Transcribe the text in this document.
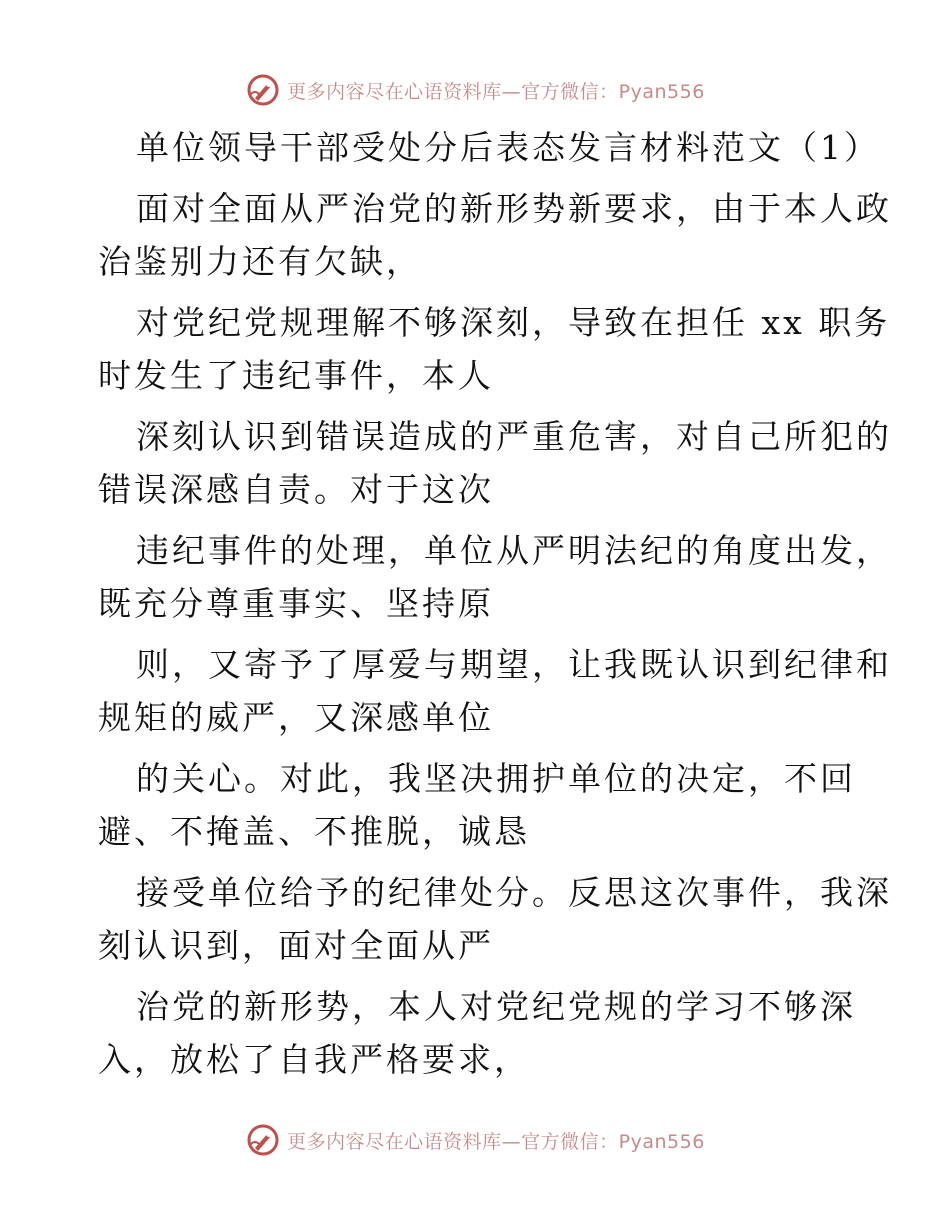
更多内容尽在心语资料库—官方微信：Pyan556
单位领导干部受处分后表态发言材料范文（1）
面对全面从严治党的新形势新要求，由于本人政
治鉴别力还有欠缺，
对党纪党规理解不够深刻，导致在担任 xx 职务
时发生了违纪事件，本人
深刻认识到错误造成的严重危害，对自己所犯的
错误深感自责。对于这次
违纪事件的处理，单位从严明法纪的角度出发，
既充分尊重事实、坚持原
则，又寄予了厚爱与期望，让我既认识到纪律和
规矩的威严，又深感单位
的关心。对此，我坚决拥护单位的决定，不回
避、不掩盖、不推脱，诚恳
接受单位给予的纪律处分。反思这次事件，我深
刻认识到，面对全面从严
治党的新形势，本人对党纪党规的学习不够深
入，放松了自我严格要求，
更多内容尽在心语资料库—官方微信：Pyan556
